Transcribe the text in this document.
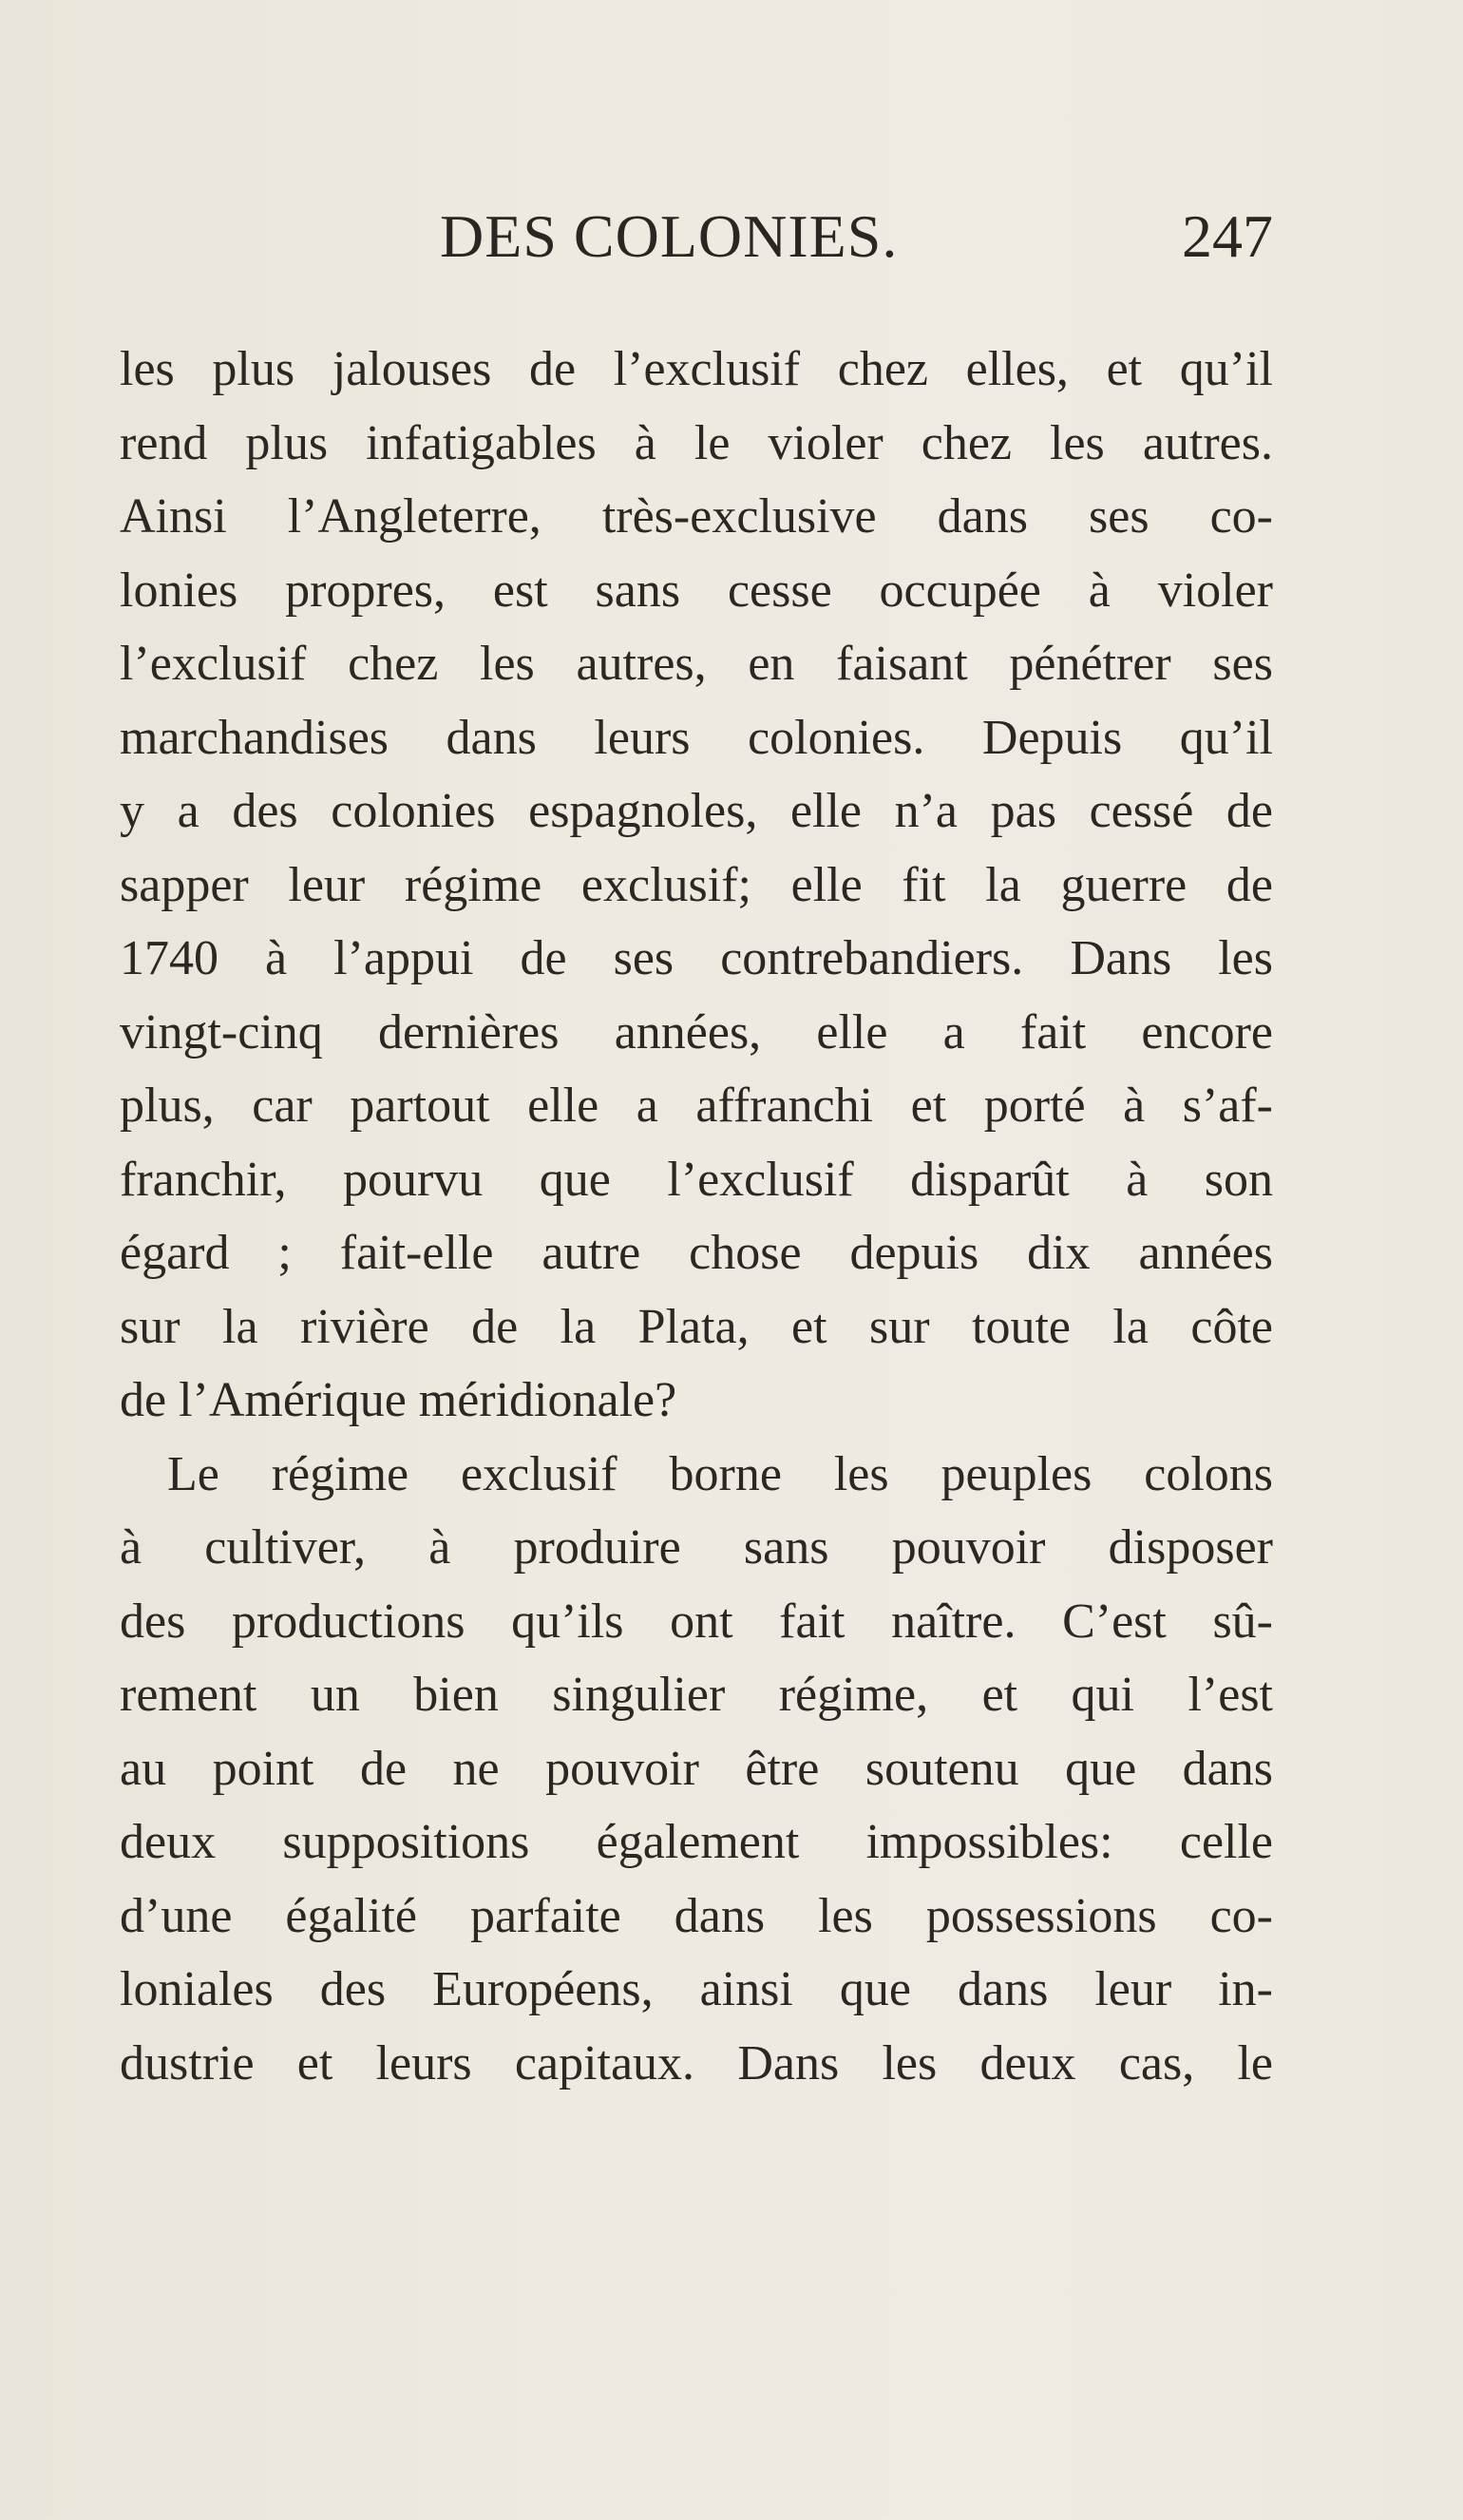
DES COLONIES.	247
les plus jalouses de l’exclusif chez elles, et qu’il
rend plus infatigables à le violer chez les autres.
Ainsi l’Angleterre, très-exclusive dans ses co-
lonies propres, est sans cesse occupée à violer
l’exclusif chez les autres, en faisant pénétrer ses
marchandises dans leurs colonies. Depuis qu’il
y a des colonies espagnoles, elle n’a pas cessé de
sapper leur régime exclusif; elle fit la guerre de
1740 à l’appui de ses contrebandiers. Dans les
vingt-cinq dernières années, elle a fait encore
plus, car partout elle a affranchi et porté à s’af-
franchir, pourvu que l’exclusif disparût à son
égard ; fait-elle autre chose depuis dix années
sur la rivière de la Plata, et sur toute la côte
de l’Amérique méridionale?
Le régime exclusif borne les peuples colons
à cultiver, à produire sans pouvoir disposer
des productions qu’ils ont fait naître. C’est sû-
rement un bien singulier régime, et qui l’est
au point de ne pouvoir être soutenu que dans
deux suppositions également impossibles: celle
d’une égalité parfaite dans les possessions co-
loniales des Européens, ainsi que dans leur in-
dustrie et leurs capitaux. Dans les deux cas, le
